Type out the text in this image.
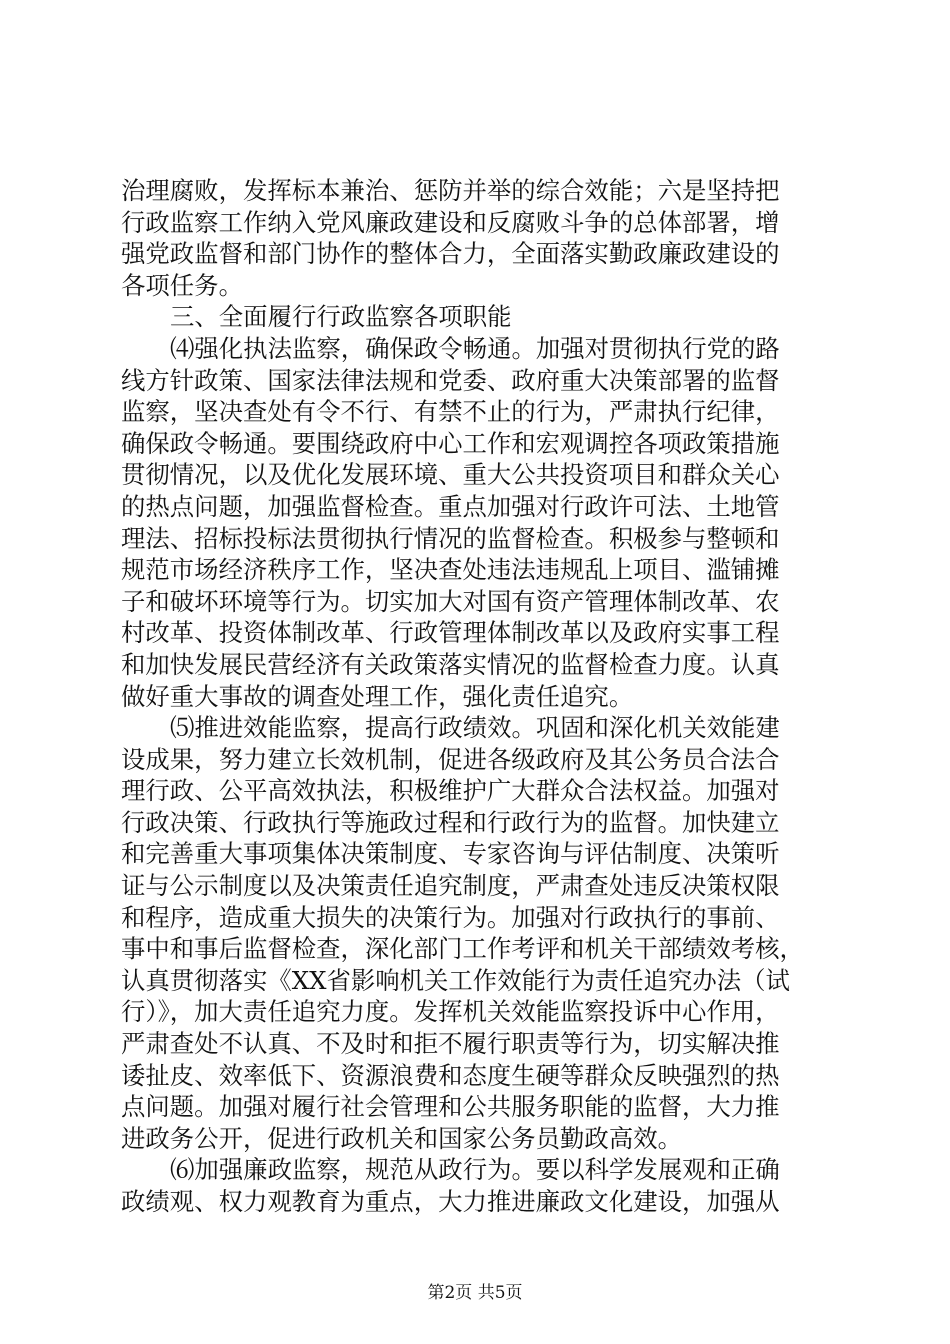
治理腐败，发挥标本兼治、惩防并举的综合效能；六是坚持把
行政监察工作纳入党风廉政建设和反腐败斗争的总体部署，增
强党政监督和部门协作的整体合力，全面落实勤政廉政建设的
各项任务。
三、全面履行行政监察各项职能
⑷强化执法监察，确保政令畅通。加强对贯彻执行党的路
线方针政策、国家法律法规和党委、政府重大决策部署的监督
监察，坚决查处有令不行、有禁不止的行为，严肃执行纪律，
确保政令畅通。要围绕政府中心工作和宏观调控各项政策措施
贯彻情况，以及优化发展环境、重大公共投资项目和群众关心
的热点问题，加强监督检查。重点加强对行政许可法、土地管
理法、招标投标法贯彻执行情况的监督检查。积极参与整顿和
规范市场经济秩序工作，坚决查处违法违规乱上项目、滥铺摊
子和破坏环境等行为。切实加大对国有资产管理体制改革、农
村改革、投资体制改革、行政管理体制改革以及政府实事工程
和加快发展民营经济有关政策落实情况的监督检查力度。认真
做好重大事故的调查处理工作，强化责任追究。
⑸推进效能监察，提高行政绩效。巩固和深化机关效能建
设成果，努力建立长效机制，促进各级政府及其公务员合法合
理行政、公平高效执法，积极维护广大群众合法权益。加强对
行政决策、行政执行等施政过程和行政行为的监督。加快建立
和完善重大事项集体决策制度、专家咨询与评估制度、决策听
证与公示制度以及决策责任追究制度，严肃查处违反决策权限
和程序，造成重大损失的决策行为。加强对行政执行的事前、
事中和事后监督检查，深化部门工作考评和机关干部绩效考核，
认真贯彻落实《XX省影响机关工作效能行为责任追究办法（试
行）》，加大责任追究力度。发挥机关效能监察投诉中心作用，
严肃查处不认真、不及时和拒不履行职责等行为，切实解决推
诿扯皮、效率低下、资源浪费和态度生硬等群众反映强烈的热
点问题。加强对履行社会管理和公共服务职能的监督，大力推
进政务公开，促进行政机关和国家公务员勤政高效。
⑹加强廉政监察，规范从政行为。要以科学发展观和正确
政绩观、权力观教育为重点，大力推进廉政文化建设，加强从
第2页 共5页
